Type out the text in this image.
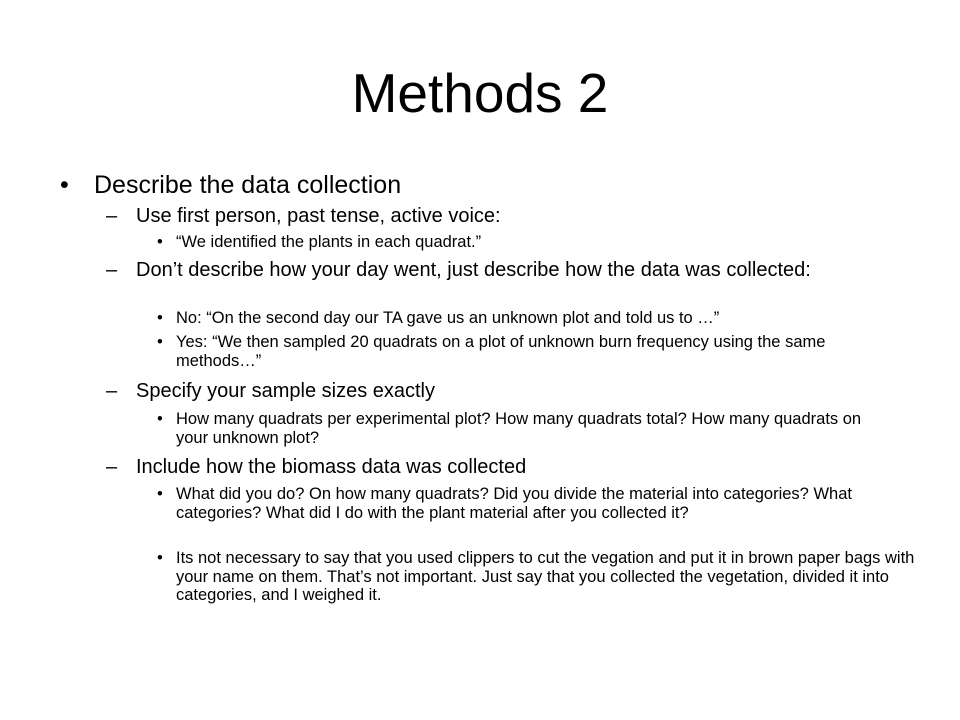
Methods 2
• Describe the data collection
– Use first person, past tense, active voice:
• “We identified the plants in each quadrat.”
– Don’t describe how your day went, just describe how the data was collected:
• No: “On the second day our TA gave us an unknown plot and told us to …”
• Yes: “We then sampled 20 quadrats on a plot of unknown burn frequency using the same methods…”
– Specify your sample sizes exactly
• How many quadrats per experimental plot? How many quadrats total? How many quadrats on your unknown plot?
– Include how the biomass data was collected
• What did you do? On how many quadrats? Did you divide the material into categories? What categories? What did I do with the plant material after you collected it?
• Its not necessary to say that you used clippers to cut the vegation and put it in brown paper bags with your name on them. That’s not important. Just say that you collected the vegetation, divided it into categories, and I weighed it.
